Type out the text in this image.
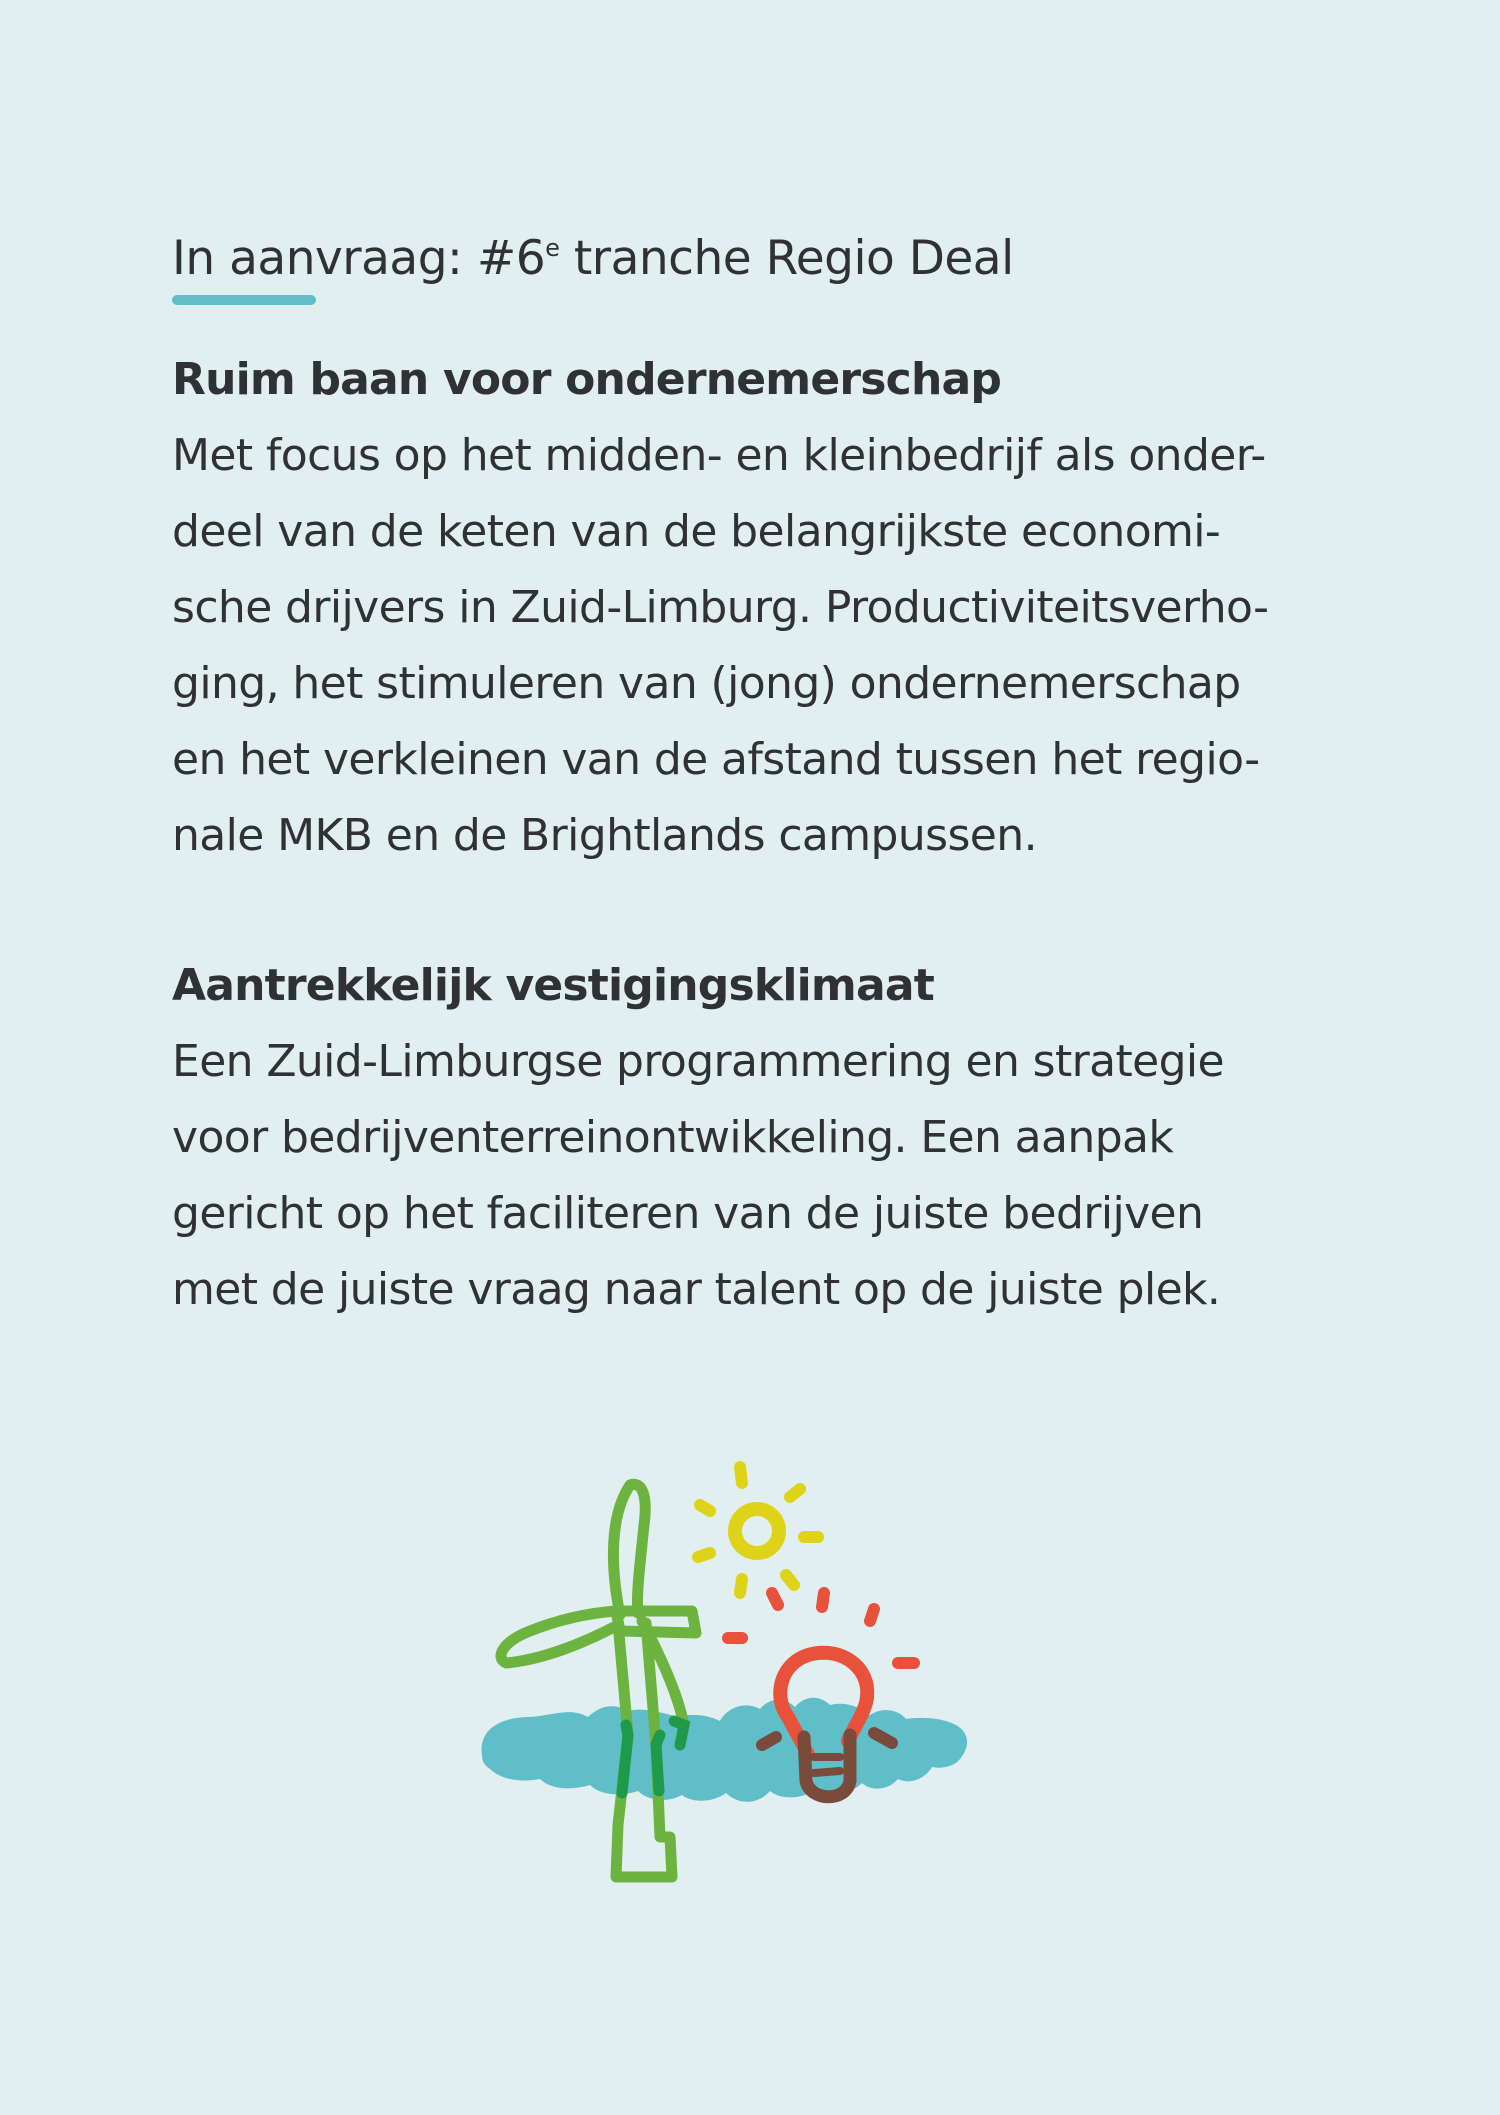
In aanvraag: #6e tranche Regio Deal
Ruim baan voor ondernemerschap
Met focus op het midden- en kleinbedrijf als onder-
deel van de keten van de belangrijkste economi-
sche drijvers in Zuid-Limburg. Productiviteitsverho-
ging, het stimuleren van (jong) ondernemerschap
en het verkleinen van de afstand tussen het regio-
nale MKB en de Brightlands campussen.
Aantrekkelijk vestigingsklimaat
Een Zuid-Limburgse programmering en strategie
voor bedrijventerreinontwikkeling. Een aanpak
gericht op het faciliteren van de juiste bedrijven
met de juiste vraag naar talent op de juiste plek.
